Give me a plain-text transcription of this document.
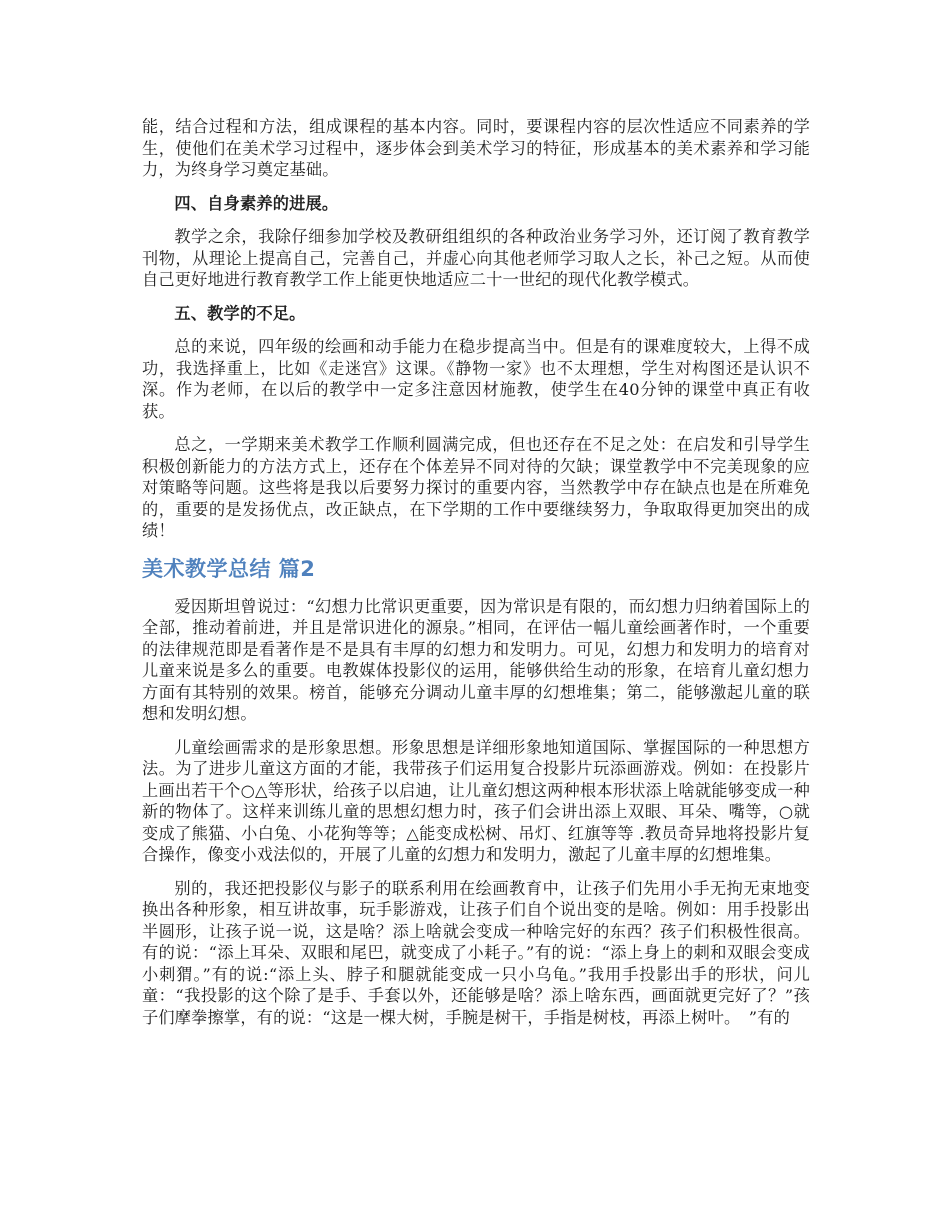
能，结合过程和方法，组成课程的基本内容。同时，要课程内容的层次性适应不同素养的学生，使他们在美术学习过程中，逐步体会到美术学习的特征，形成基本的美术素养和学习能力，为终身学习奠定基础。

四、自身素养的进展。

教学之余，我除仔细参加学校及教研组组织的各种政治业务学习外，还订阅了教育教学刊物，从理论上提高自己，完善自己，并虚心向其他老师学习取人之长，补己之短。从而使自己更好地进行教育教学工作上能更快地适应二十一世纪的现代化教学模式。

五、教学的不足。

总的来说，四年级的绘画和动手能力在稳步提高当中。但是有的课难度较大，上得不成功，我选择重上，比如《走迷宫》这课。《静物一家》也不太理想，学生对构图还是认识不深。作为老师，在以后的教学中一定多注意因材施教，使学生在40分钟的课堂中真正有收获。

总之，一学期来美术教学工作顺利圆满完成，但也还存在不足之处：在启发和引导学生积极创新能力的方法方式上，还存在个体差异不同对待的欠缺；课堂教学中不完美现象的应对策略等问题。这些将是我以后要努力探讨的重要内容，当然教学中存在缺点也是在所难免的，重要的是发扬优点，改正缺点，在下学期的工作中要继续努力，争取取得更加突出的成绩！

美术教学总结 篇2

爱因斯坦曾说过：“幻想力比常识更重要，因为常识是有限的，而幻想力归纳着国际上的全部，推动着前进，并且是常识进化的源泉。”相同，在评估一幅儿童绘画著作时，一个重要的法律规范即是看著作是不是具有丰厚的幻想力和发明力。可见，幻想力和发明力的培育对儿童来说是多么的重要。电教媒体投影仪的运用，能够供给生动的形象，在培育儿童幻想力方面有其特别的效果。榜首，能够充分调动儿童丰厚的幻想堆集；第二，能够激起儿童的联想和发明幻想。

儿童绘画需求的是形象思想。形象思想是详细形象地知道国际、掌握国际的一种思想方法。为了进步儿童这方面的才能，我带孩子们运用复合投影片玩添画游戏。例如：在投影片上画出若干个○△等形状，给孩子以启迪，让儿童幻想这两种根本形状添上啥就能够变成一种新的物体了。这样来训练儿童的思想幻想力时，孩子们会讲出添上双眼、耳朵、嘴等，○就变成了熊猫、小白兔、小花狗等等；△能变成松树、吊灯、红旗等等 .教员奇异地将投影片复合操作，像变小戏法似的，开展了儿童的幻想力和发明力，激起了儿童丰厚的幻想堆集。

别的，我还把投影仪与影子的联系利用在绘画教育中，让孩子们先用小手无拘无束地变换出各种形象，相互讲故事，玩手影游戏，让孩子们自个说出变的是啥。例如：用手投影出半圆形，让孩子说一说，这是啥？添上啥就会变成一种啥完好的东西？孩子们积极性很高。有的说：“添上耳朵、双眼和尾巴，就变成了小耗子。”有的说：“添上身上的刺和双眼会变成小刺猬。”有的说:“添上头、脖子和腿就能变成一只小乌龟。”我用手投影出手的形状，问儿童：“我投影的这个除了是手、手套以外，还能够是啥？添上啥东西，画面就更完好了？”孩子们摩拳擦掌，有的说：“这是一棵大树，手腕是树干，手指是树枝，再添上树叶。　”有的
